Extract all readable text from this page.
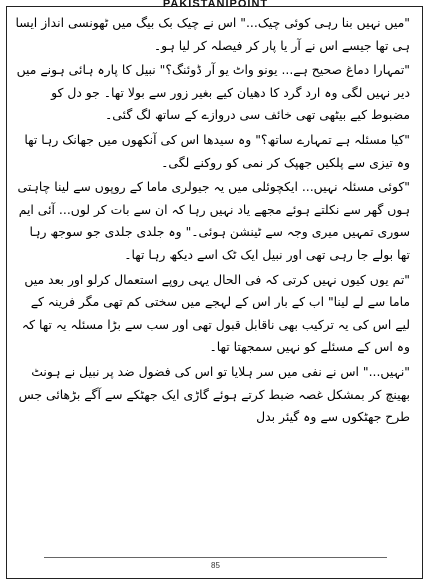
PAKISTANIPOINT

"میں نہیں بنا رہی کوئی چیک..." اس نے چیک بک بیگ میں ٹھونسی انداز ایسا ہی تھا جیسے اس نے آر یا پار کر فیصلہ کر لیا ہو۔

"تمہارا دماغ صحیح ہے... یونو واٹ یو آر ڈوئنگ؟" نبیل کا پارہ ہائی ہونے میں دیر نہیں لگی وہ ارد گرد کا دھیان کیے بغیر زور سے بولا تھا۔ جو دل کو مضبوط کیے بیٹھی تھی خائف سی دروازے کے ساتھ لگ گئی۔

"کیا مسئلہ ہے تمہارے ساتھ؟" وہ سیدھا اس کی آنکھوں میں جھانک رہا تھا وہ تیزی سے پلکیں جھپک کر نمی کو روکنے لگی۔

"کوئی مسئلہ نہیں... ایکچوئلی میں یہ جیولری ماما کے روپوں سے لینا چاہتی ہوں گھر سے نکلتے ہوئے مجھے یاد نہیں رہا کہ ان سے بات کر لوں... آئی ایم سوری تمہیں میری وجہ سے ٹینشن ہوئی۔" وہ جلدی جلدی جو سوجھ رہا تھا بولے جا رہی تھی اور نبیل ایک ٹک اسے دیکھ رہا تھا۔

"تم یوں کیوں نہیں کرتی کہ فی الحال یہی روپے استعمال کرلو اور بعد میں ماما سے لے لینا" اب کے بار اس کے لہجے میں سختی کم تھی مگر فرینہ کے لیے اس کی یہ ترکیب بھی ناقابل قبول تھی اور سب سے بڑا مسئلہ یہ تھا کہ وہ اس کے مسئلے کو نہیں سمجھتا تھا۔

"نہیں..." اس نے نفی میں سر ہلایا تو اس کی فضول ضد پر نبیل نے ہونٹ بھینچ کر بمشکل غصہ ضبط کرتے ہوئے گاڑی ایک جھٹکے سے آگے بڑھائی جس طرح جھٹکوں سے وہ گیئر بدل

85
